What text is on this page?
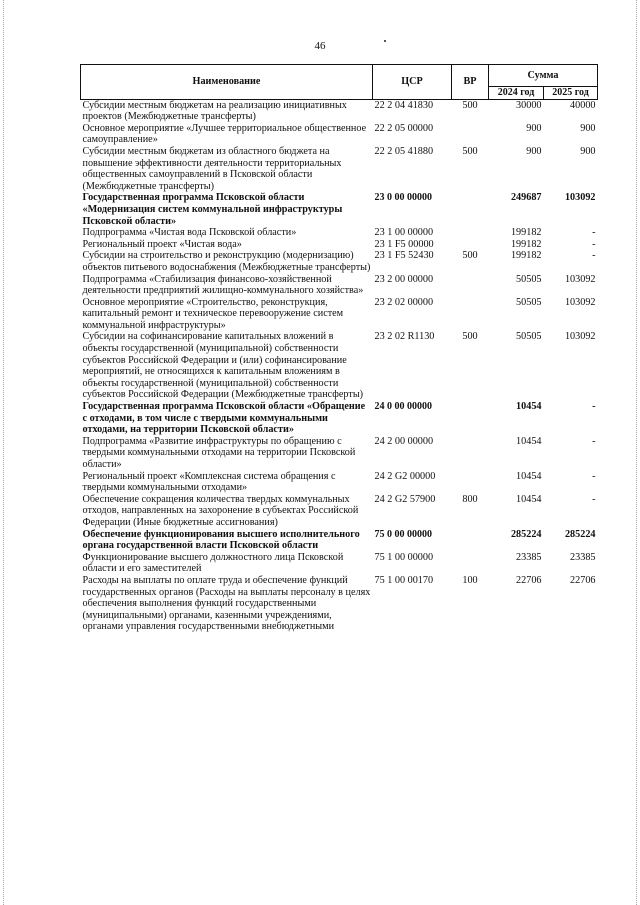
46
Наименование	ЦСР	ВР	Сумма	
			2024 год	2025 год
Субсидии местным бюджетам на реализацию инициативных проектов (Межбюджетные трансферты)	22 2 04 41830	500	30000	40000
Основное мероприятие «Лучшее территориальное общественное самоуправление»	22 2 05 00000		900	900
Субсидии местным бюджетам из областного бюджета на повышение эффективности деятельности территориальных общественных самоуправлений в Псковской области (Межбюджетные трансферты)	22 2 05 41880	500	900	900
Государственная программа Псковской области «Модернизация систем коммунальной инфраструктуры Псковской области»	23 0 00 00000		249687	103092
Подпрограмма «Чистая вода Псковской области»	23 1 00 00000		199182	-
Региональный проект «Чистая вода»	23 1 F5 00000		199182	-
Субсидии на строительство и реконструкцию (модернизацию) объектов питьевого водоснабжения (Межбюджетные трансферты)	23 1 F5 52430	500	199182	-
Подпрограмма «Стабилизация финансово-хозяйственной деятельности предприятий жилищно-коммунального хозяйства»	23 2 00 00000		50505	103092
Основное мероприятие «Строительство, реконструкция, капитальный ремонт и техническое перевооружение систем коммунальной инфраструктуры»	23 2 02 00000		50505	103092
Субсидии на софинансирование капитальных вложений в объекты государственной (муниципальной) собственности субъектов Российской Федерации и (или) софинансирование мероприятий, не относящихся к капитальным вложениям в объекты государственной (муниципальной) собственности субъектов Российской Федерации (Межбюджетные трансферты)	23 2 02 R1130	500	50505	103092
Государственная программа Псковской области «Обращение с отходами, в том числе с твердыми коммунальными отходами, на территории Псковской области»	24 0 00 00000		10454	-
Подпрограмма «Развитие инфраструктуры по обращению с твердыми коммунальными отходами на территории Псковской области»	24 2 00 00000		10454	-
Региональный проект «Комплексная система обращения с твердыми коммунальными отходами»	24 2 G2 00000		10454	-
Обеспечение сокращения количества твердых коммунальных отходов, направленных на захоронение в субъектах Российской Федерации (Иные бюджетные ассигнования)	24 2 G2 57900	800	10454	-
Обеспечение функционирования высшего исполнительного органа государственной власти Псковской области	75 0 00 00000		285224	285224
Функционирование высшего должностного лица Псковской области и его заместителей	75 1 00 00000		23385	23385
Расходы на выплаты по оплате труда и обеспечение функций государственных органов (Расходы на выплаты персоналу в целях обеспечения выполнения функций государственными (муниципальными) органами, казенными учреждениями, органами управления государственными внебюджетными	75 1 00 00170	100	22706	22706
